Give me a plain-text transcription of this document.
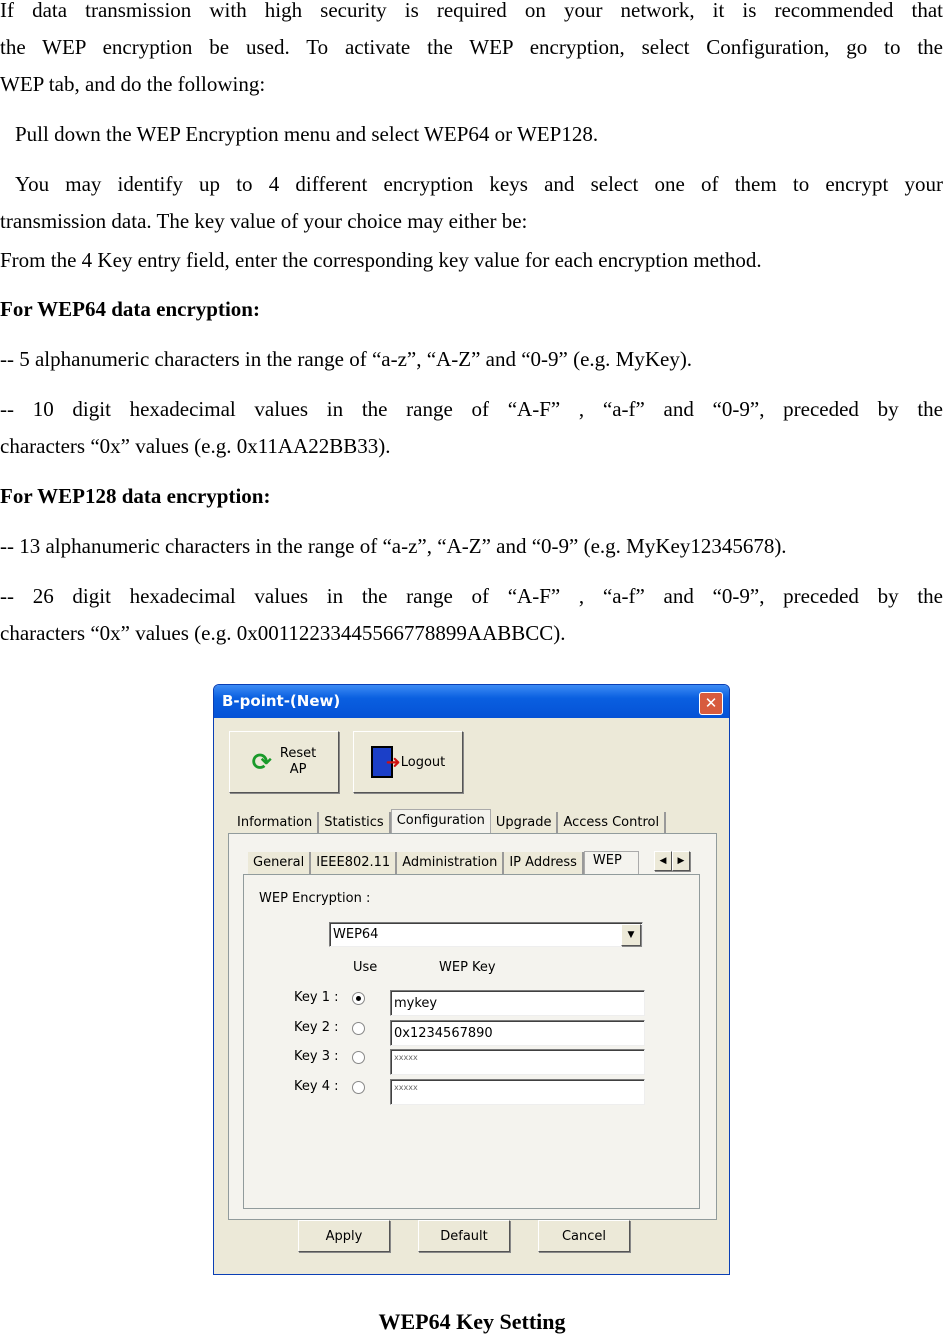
If data transmission with high security is required on your network, it is recommended that

the WEP encryption be used. To activate the WEP encryption, select Configuration, go to the

WEP tab, and do the following:

Pull down the WEP Encryption menu and select WEP64 or WEP128.

You may identify up to 4 different encryption keys and select one of them to encrypt your

transmission data. The key value of your choice may either be:

From the 4 Key entry field, enter the corresponding key value for each encryption method.

For WEP64 data encryption:

-- 5 alphanumeric characters in the range of “a-z”, “A-Z” and “0-9” (e.g. MyKey).

-- 10 digit hexadecimal values in the range of “A-F” , “a-f” and “0-9”, preceded by the

characters “0x” values (e.g. 0x11AA22BB33).

For WEP128 data encryption:

-- 13 alphanumeric characters in the range of “a-z”, “A-Z” and “0-9” (e.g. MyKey12345678).

-- 26 digit hexadecimal values in the range of “A-F” , “a-f” and “0-9”, preceded by the

characters “0x” values (e.g. 0x00112233445566778899AABBCC).

B-point-(New)	✕
⟳ Reset
AP	➜ Logout
Information Statistics	Configuration Upgrade Access Control
General IEEE802.11 Administration IP Address	WEP	◀	▶
WEP Encryption :
WEP64	▼
Use	WEP Key
Key 1 :	mykey
Key 2 :	0x1234567890
Key 3 :	xxxxx
Key 4 :	xxxxx
Apply	Default	Cancel
WEP64 Key Setting
